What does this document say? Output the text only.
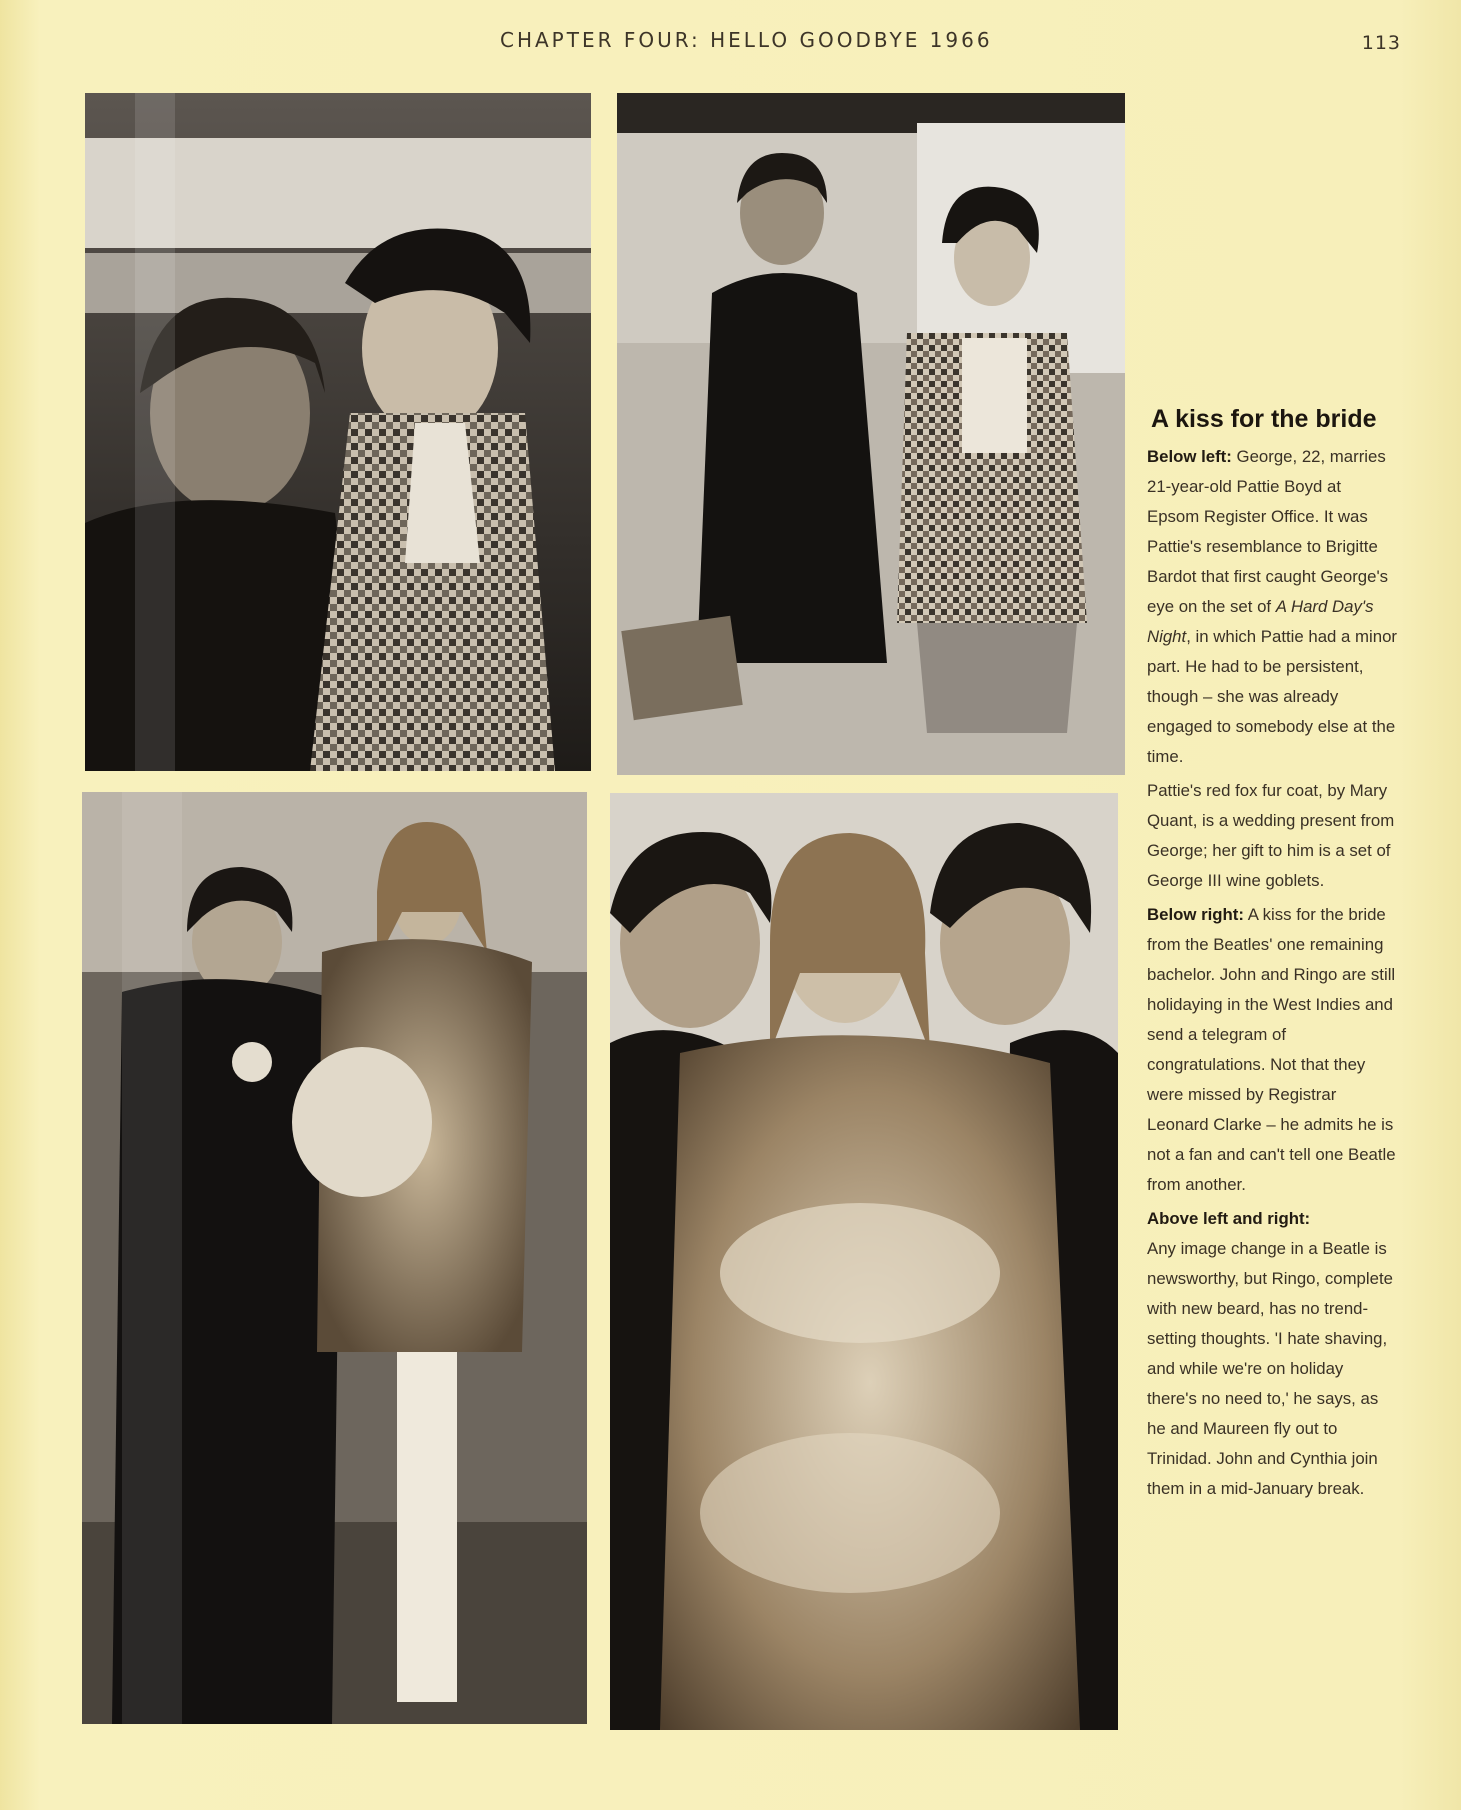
CHAPTER FOUR: HELLO GOODBYE 1966	113
A kiss for the bride

Below left: George, 22, marries 21-year-old Pattie Boyd at Epsom Register Office. It was Pattie's resemblance to Brigitte Bardot that first caught George's eye on the set of A Hard Day's Night, in which Pattie had a minor part. He had to be persistent, though – she was already engaged to somebody else at the time.

Pattie's red fox fur coat, by Mary Quant, is a wedding present from George; her gift to him is a set of George III wine goblets.

Below right: A kiss for the bride from the Beatles' one remaining bachelor. John and Ringo are still holidaying in the West Indies and send a telegram of congratulations. Not that they were missed by Registrar Leonard Clarke – he admits he is not a fan and can't tell one Beatle from another.

Above left and right:
Any image change in a Beatle is newsworthy, but Ringo, complete with new beard, has no trend-setting thoughts. 'I hate shaving, and while we're on holiday there's no need to,' he says, as he and Maureen fly out to Trinidad. John and Cynthia join them in a mid-January break.
